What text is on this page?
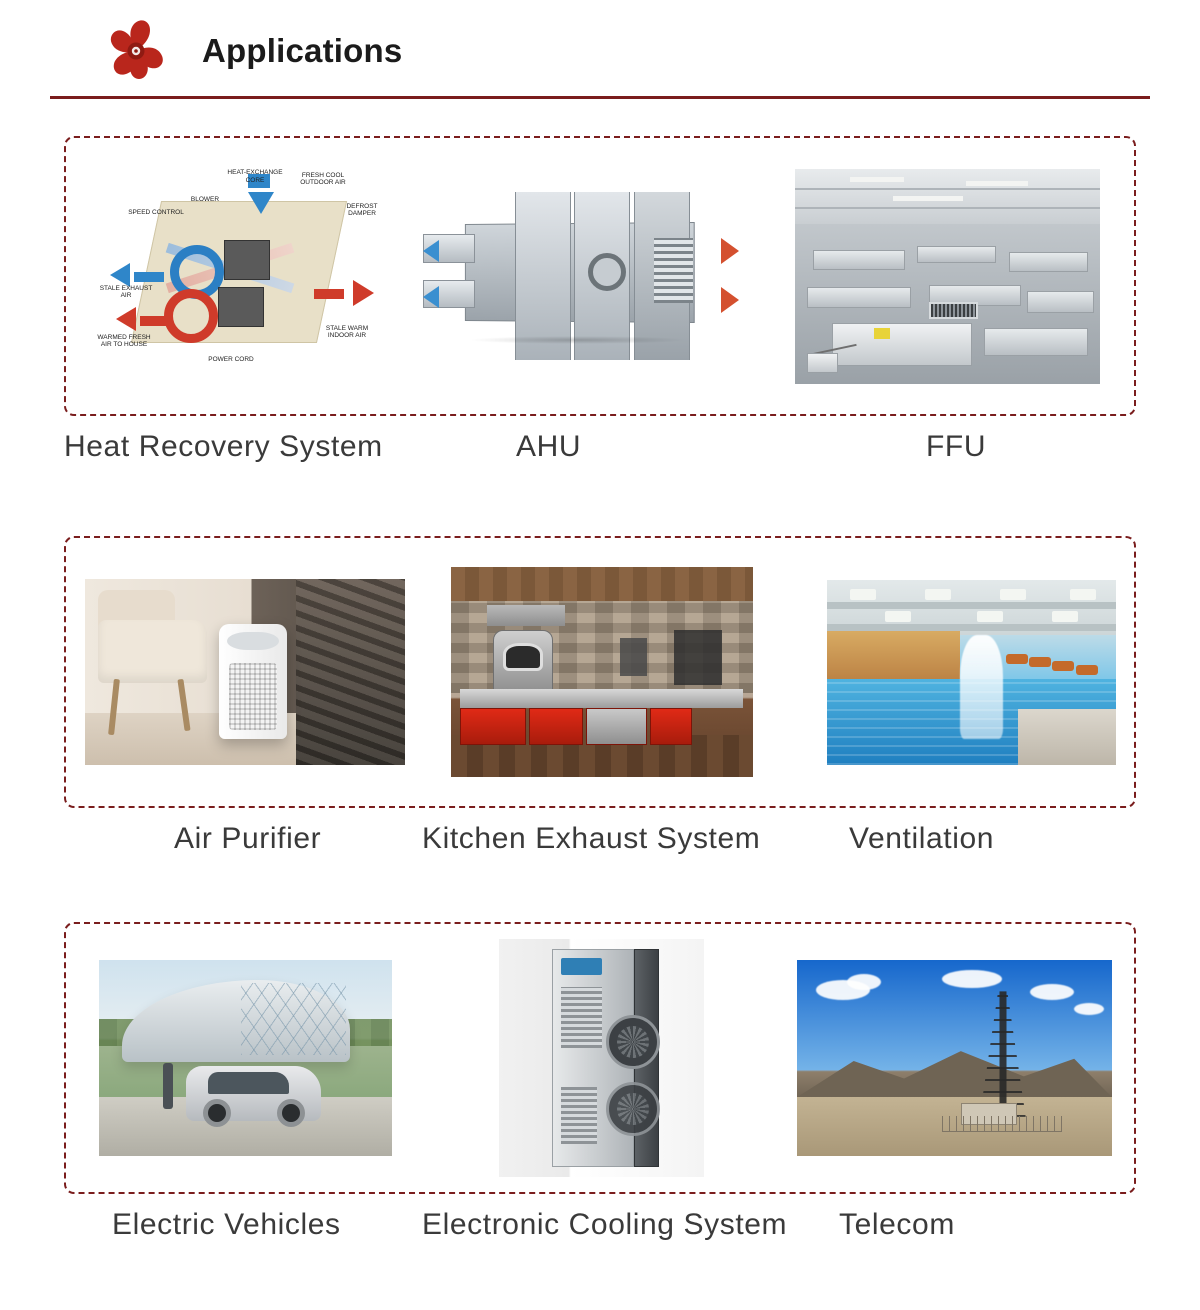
Applications
SPEED CONTROL
BLOWER
HEAT-EXCHANGE CORE
FRESH COOL OUTDOOR AIR
DEFROST DAMPER
STALE EXHAUST AIR
WARMED FRESH AIR TO HOUSE
POWER CORD
STALE WARM INDOOR AIR
Heat Recovery System	AHU	FFU
Air Purifier	Kitchen Exhaust System	Ventilation
Electric Vehicles	Electronic Cooling System	Telecom
